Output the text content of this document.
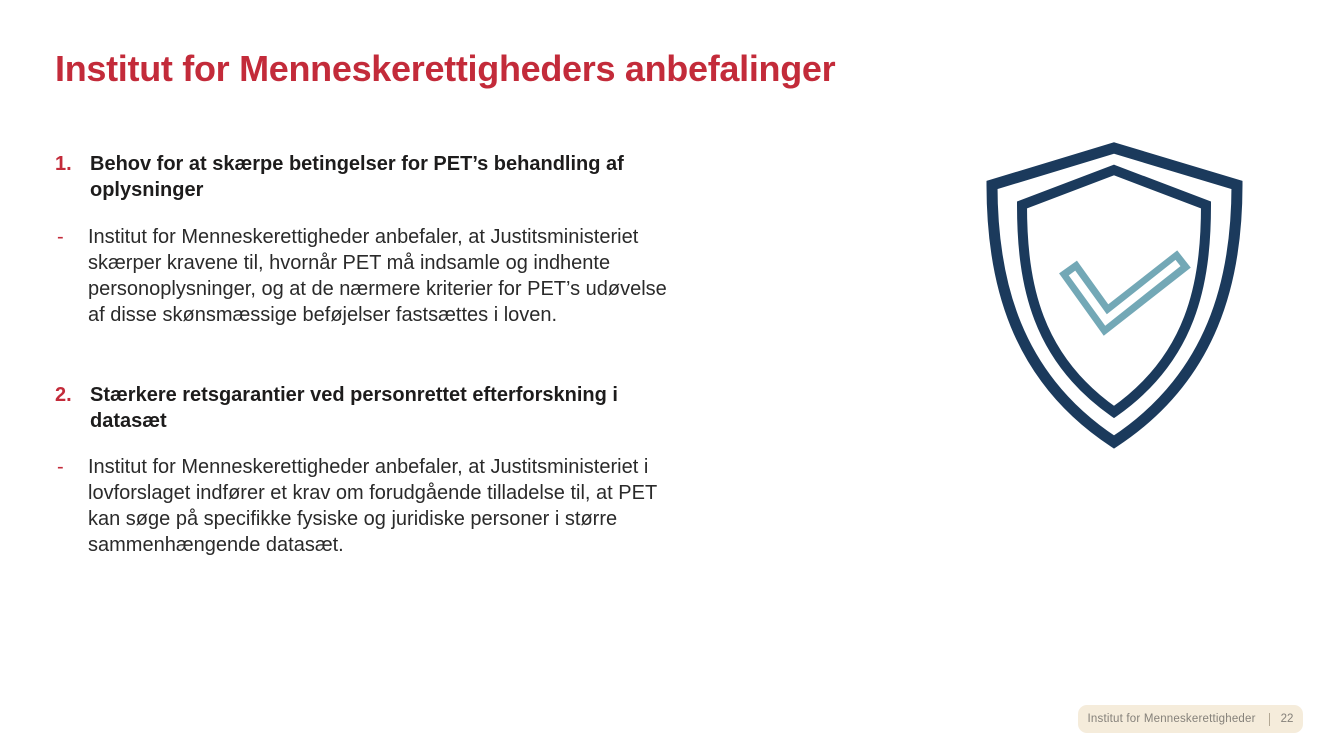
Institut for Menneskerettigheders anbefalinger
1. Behov for at skærpe betingelser for PET’s behandling af
oplysninger
-	Institut for Menneskerettigheder anbefaler, at Justitsministeriet
skærper kravene til, hvornår PET må indsamle og indhente
personoplysninger, og at de nærmere kriterier for PET’s udøvelse
af disse skønsmæssige beføjelser fastsættes i loven.
2. Stærkere retsgarantier ved personrettet efterforskning i
datasæt
-	Institut for Menneskerettigheder anbefaler, at Justitsministeriet i
lovforslaget indfører et krav om forudgående tilladelse til, at PET
kan søge på specifikke fysiske og juridiske personer i større
sammenhængende datasæt.
Institut for Menneskerettigheder 22
